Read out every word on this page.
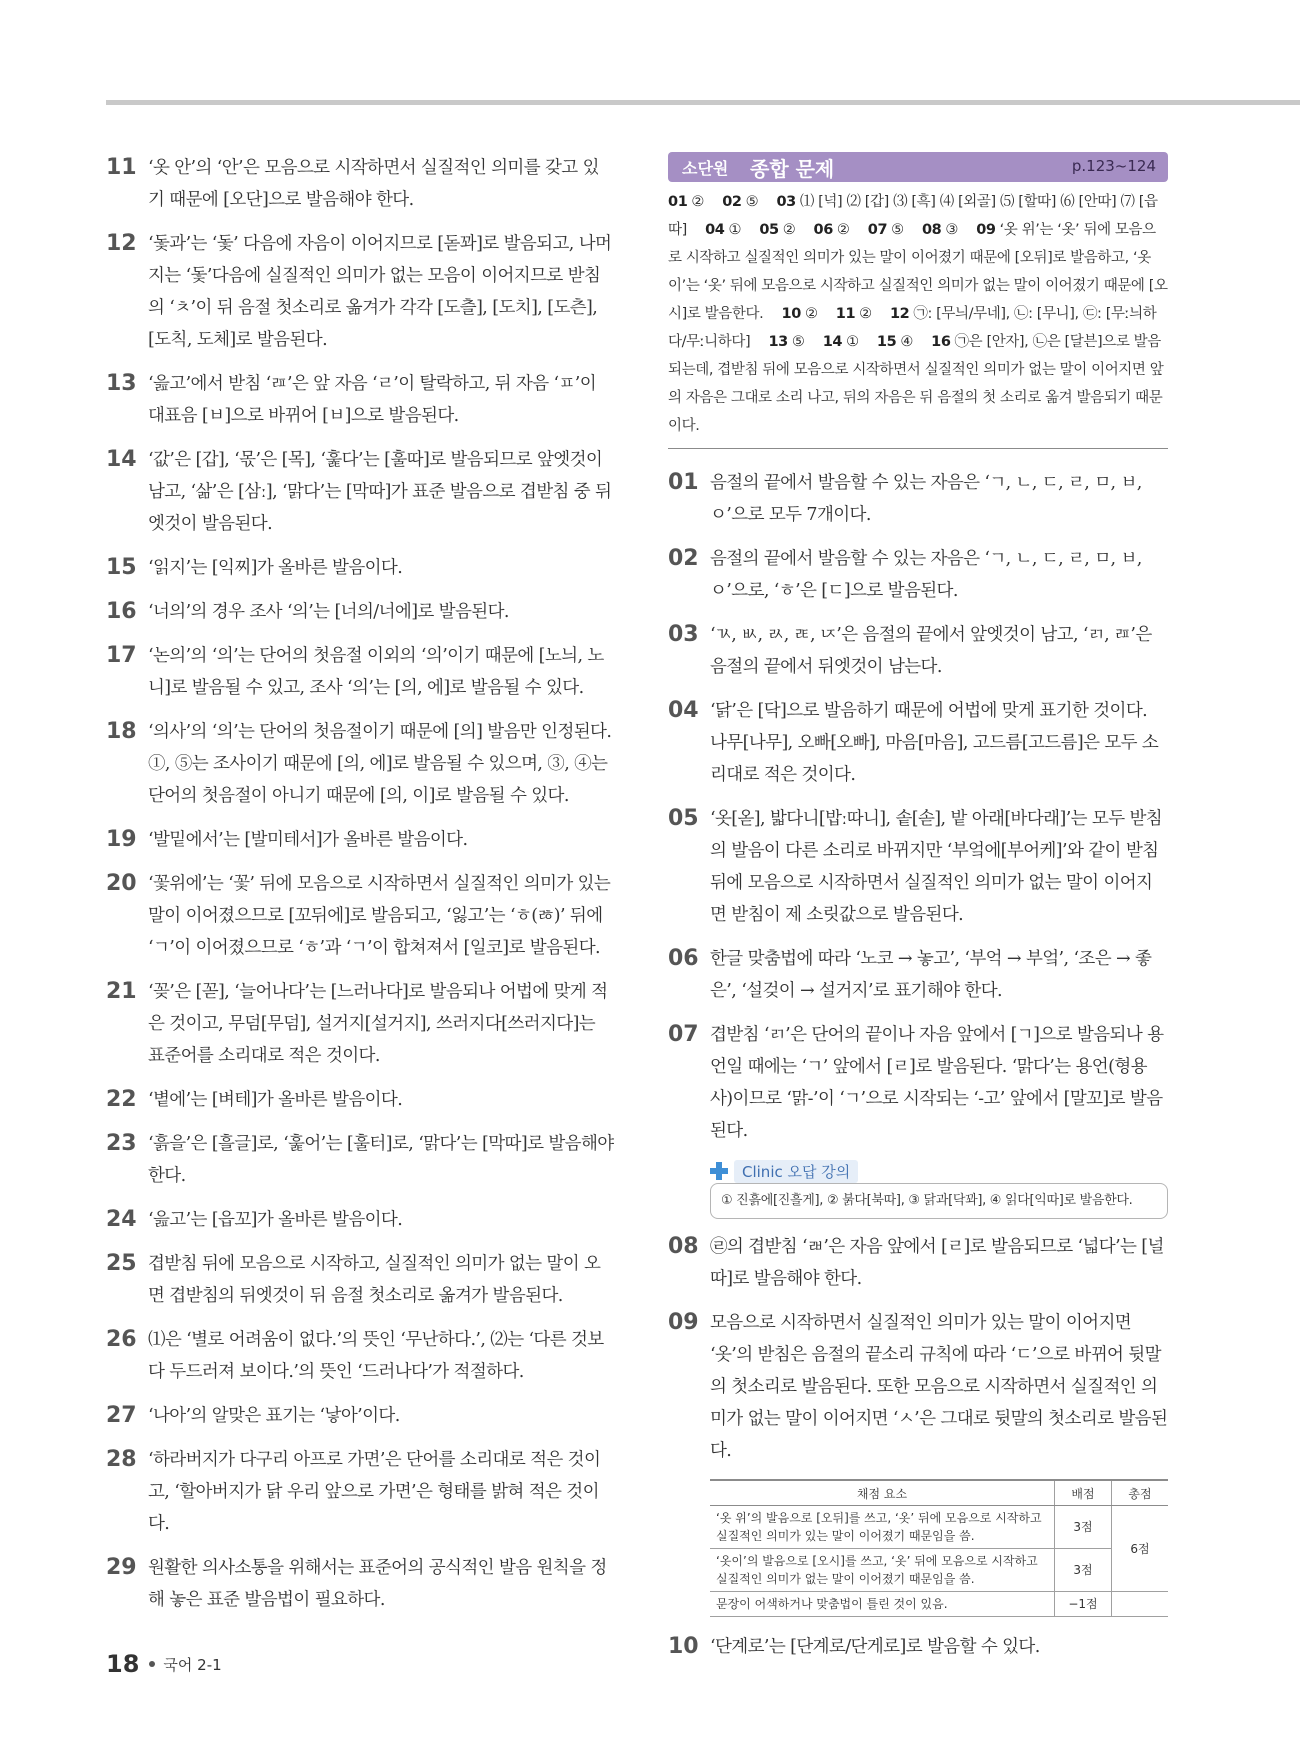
11 ‘옷 안’의 ‘안’은 모음으로 시작하면서 실질적인 의미를 갖고 있기 때문에 [오단]으로 발음해야 한다.
12 ‘돛과’는 ‘돛’ 다음에 자음이 이어지므로 [돋꽈]로 발음되고, 나머지는 ‘돛’다음에 실질적인 의미가 없는 모음이 이어지므로 받침의 ‘ㅊ’이 뒤 음절 첫소리로 옮겨가 각각 [도츨], [도치], [도츤], [도칙, 도체]로 발음된다.
13 ‘읊고’에서 받침 ‘ㄿ’은 앞 자음 ‘ㄹ’이 탈락하고, 뒤 자음 ‘ㅍ’이 대표음 [ㅂ]으로 바뀌어 [ㅂ]으로 발음된다.
14 ‘값’은 [갑], ‘몫’은 [목], ‘훑다’는 [훌따]로 발음되므로 앞엣것이 남고, ‘삶’은 [삼ː], ‘맑다’는 [막따]가 표준 발음으로 겹받침 중 뒤엣것이 발음된다.
15 ‘읽지’는 [익찌]가 올바른 발음이다.
16 ‘너의’의 경우 조사 ‘의’는 [너의/너에]로 발음된다.
17 ‘논의’의 ‘의’는 단어의 첫음절 이외의 ‘의’이기 때문에 [노늬, 노니]로 발음될 수 있고, 조사 ‘의’는 [의, 에]로 발음될 수 있다.
18 ‘의사’의 ‘의’는 단어의 첫음절이기 때문에 [의] 발음만 인정된다. ①, ⑤는 조사이기 때문에 [의, 에]로 발음될 수 있으며, ③, ④는 단어의 첫음절이 아니기 때문에 [의, 이]로 발음될 수 있다.
19 ‘발밑에서’는 [발미테서]가 올바른 발음이다.
20 ‘꽃위에’는 ‘꽃’ 뒤에 모음으로 시작하면서 실질적인 의미가 있는 말이 이어졌으므로 [꼬뒤에]로 발음되고, ‘잃고’는 ‘ㅎ(ㅀ)’ 뒤에 ‘ㄱ’이 이어졌으므로 ‘ㅎ’과 ‘ㄱ’이 합쳐져서 [일코]로 발음된다.
21 ‘꽂’은 [꼳], ‘늘어나다’는 [느러나다]로 발음되나 어법에 맞게 적은 것이고, 무덤[무덤], 설거지[설거지], 쓰러지다[쓰러지다]는 표준어를 소리대로 적은 것이다.
22 ‘볕에’는 [벼테]가 올바른 발음이다.
23 ‘흙을’은 [흘글]로, ‘훑어’는 [훌터]로, ‘맑다’는 [막따]로 발음해야 한다.
24 ‘읊고’는 [읍꼬]가 올바른 발음이다.
25 겹받침 뒤에 모음으로 시작하고, 실질적인 의미가 없는 말이 오면 겹받침의 뒤엣것이 뒤 음절 첫소리로 옮겨가 발음된다.
26 ⑴은 ‘별로 어려움이 없다.’의 뜻인 ‘무난하다.’, ⑵는 ‘다른 것보다 두드러져 보이다.’의 뜻인 ‘드러나다’가 적절하다.
27 ‘나아’의 알맞은 표기는 ‘낳아’이다.
28 ‘하라버지가 다구리 아프로 가면’은 단어를 소리대로 적은 것이고, ‘할아버지가 닭 우리 앞으로 가면’은 형태를 밝혀 적은 것이다.
29 원활한 의사소통을 위해서는 표준어의 공식적인 발음 원칙을 정해 놓은 표준 발음법이 필요하다.
소단원 종합 문제	p.123~124
01 ② 02 ⑤ 03 ⑴ [넉] ⑵ [갑] ⑶ [흑] ⑷ [외골] ⑸ [할따] ⑹ [안따] ⑺ [읍따] 04 ① 05 ② 06 ② 07 ⑤ 08 ③ 09 ‘옷 위’는 ‘옷’ 뒤에 모음으로 시작하고 실질적인 의미가 있는 말이 이어졌기 때문에 [오뒤]로 발음하고, ‘옷이’는 ‘옷’ 뒤에 모음으로 시작하고 실질적인 의미가 없는 말이 이어졌기 때문에 [오시]로 발음한다. 10 ② 11 ② 12 ㉠: [무늬/무네], ㉡: [무니], ㉢: [무ː늬하다/무ː니하다] 13 ⑤ 14 ① 15 ④ 16 ㉠은 [안자], ㉡은 [달븐]으로 발음되는데, 겹받침 뒤에 모음으로 시작하면서 실질적인 의미가 없는 말이 이어지면 앞의 자음은 그대로 소리 나고, 뒤의 자음은 뒤 음절의 첫 소리로 옮겨 발음되기 때문이다.
01 음절의 끝에서 발음할 수 있는 자음은 ‘ㄱ, ㄴ, ㄷ, ㄹ, ㅁ, ㅂ, ㅇ’으로 모두 7개이다.
02 음절의 끝에서 발음할 수 있는 자음은 ‘ㄱ, ㄴ, ㄷ, ㄹ, ㅁ, ㅂ, ㅇ’으로, ‘ㅎ’은 [ㄷ]으로 발음된다.
03 ‘ㄳ, ㅄ, ㄽ, ㄾ, ㄵ’은 음절의 끝에서 앞엣것이 남고, ‘ㄺ, ㄿ’은 음절의 끝에서 뒤엣것이 남는다.
04 ‘닭’은 [닥]으로 발음하기 때문에 어법에 맞게 표기한 것이다. 나무[나무], 오빠[오빠], 마음[마음], 고드름[고드름]은 모두 소리대로 적은 것이다.
05 ‘옷[옫], 밟다니[밥ː따니], 솥[솓], 밭 아래[바다래]’는 모두 받침의 발음이 다른 소리로 바뀌지만 ‘부엌에[부어케]’와 같이 받침 뒤에 모음으로 시작하면서 실질적인 의미가 없는 말이 이어지면 받침이 제 소릿값으로 발음된다.
06 한글 맞춤법에 따라 ‘노코 → 놓고’, ‘부억 → 부엌’, ‘조은 → 좋은’, ‘설겆이 → 설거지’로 표기해야 한다.
07 겹받침 ‘ㄺ’은 단어의 끝이나 자음 앞에서 [ㄱ]으로 발음되나 용언일 때에는 ‘ㄱ’ 앞에서 [ㄹ]로 발음된다. ‘맑다’는 용언(형용사)이므로 ‘맑-’이 ‘ㄱ’으로 시작되는 ‘-고’ 앞에서 [말꼬]로 발음된다.
Clinic 오답 강의
① 진흙에[진흘게], ② 붉다[북따], ③ 닭과[닥꽈], ④ 읽다[익따]로 발음한다.
08 ㉣의 겹받침 ‘ㄼ’은 자음 앞에서 [ㄹ]로 발음되므로 ‘넓다’는 [널따]로 발음해야 한다.
09 모음으로 시작하면서 실질적인 의미가 있는 말이 이어지면 ‘옷’의 받침은 음절의 끝소리 규칙에 따라 ‘ㄷ’으로 바뀌어 뒷말의 첫소리로 발음된다. 또한 모음으로 시작하면서 실질적인 의미가 없는 말이 이어지면 ‘ㅅ’은 그대로 뒷말의 첫소리로 발음된다.
채점 요소	배점	총점
‘옷 위’의 발음으로 [오뒤]를 쓰고, ‘옷’ 뒤에 모음으로 시작하고 실질적인 의미가 있는 말이 이어졌기 때문임을 씀.	3점	6점
‘옷이’의 발음으로 [오시]를 쓰고, ‘옷’ 뒤에 모음으로 시작하고 실질적인 의미가 없는 말이 이어졌기 때문임을 씀.	3점	
문장이 어색하거나 맞춤법이 틀린 것이 있음.	−1점	
10 ‘단계로’는 [단계로/단게로]로 발음할 수 있다.
18 국어 2-1
